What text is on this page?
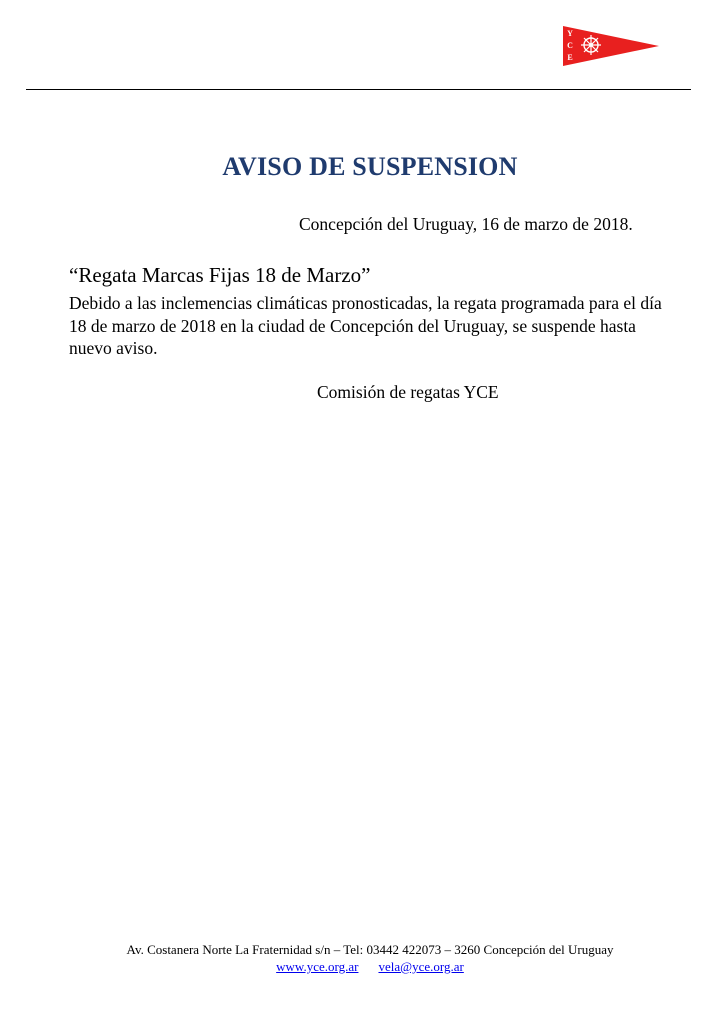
Y
C
E
AVISO DE SUSPENSION
Concepción del Uruguay, 16 de marzo de 2018.
“Regata Marcas Fijas 18 de Marzo”
Debido a las inclemencias climáticas pronosticadas, la regata programada para el día 18 de marzo de 2018 en la ciudad de Concepción del Uruguay, se suspende hasta nuevo aviso.
Comisión de regatas YCE
Av. Costanera Norte La Fraternidad s/n – Tel: 03442 422073 – 3260 Concepción del Uruguay
www.yce.org.ar vela@yce.org.ar
